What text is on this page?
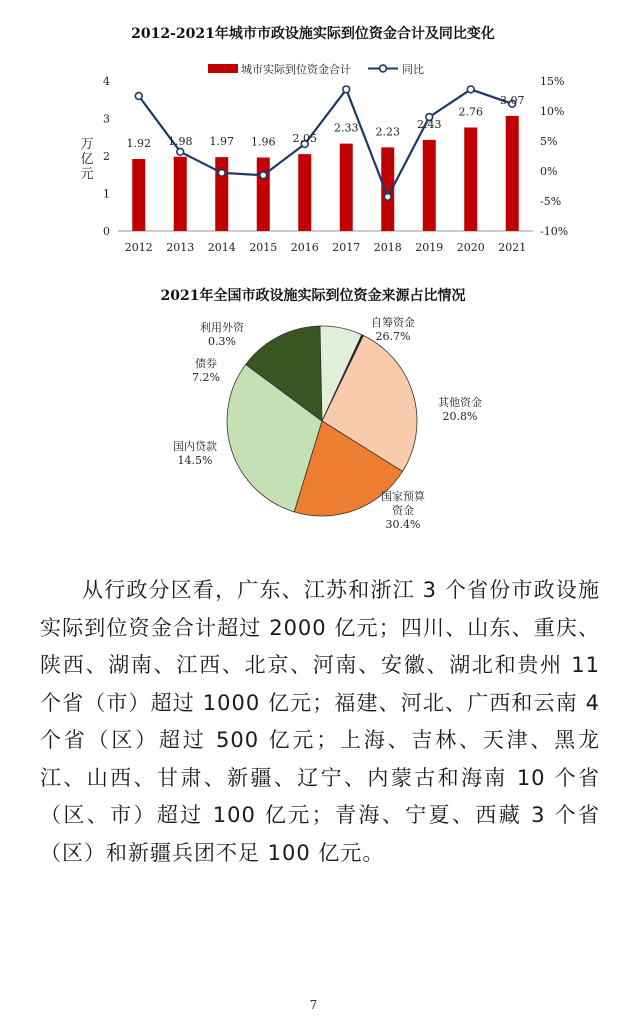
2012-2021年城市市政设施实际到位资金合计及同比变化
城市实际到位资金合计	同比
万
亿
元
0
1
2
3
4
-10%
-5%
0%
5%
10%
15%
1.92 1.98 1.97 1.96 2.05
2.33 2.23
2.43
2.76
3.07
2012 2013 2014 2015 2016 2017 2018 2019 2020 2021
2021年全国市政设施实际到位资金来源占比情况
自筹资金
26.7%
其他资金
20.8%
国家预算
资金
30.4%
国内贷款
14.5%
债券
7.2%
利用外资
0.3%

从行政分区看，广东、江苏和浙江 3 个省份市政设施实际到位资金合计超过 2000 亿元；四川、山东、重庆、陕西、湖南、江西、北京、河南、安徽、湖北和贵州 11 个省（市）超过 1000 亿元；福建、河北、广西和云南 4 个省（区）超过 500 亿元；上海、吉林、天津、黑龙江、山西、甘肃、新疆、辽宁、内蒙古和海南 10 个省（区、市）超过 100 亿元；青海、宁夏、西藏 3 个省（区）和新疆兵团不足 100 亿元。

7
